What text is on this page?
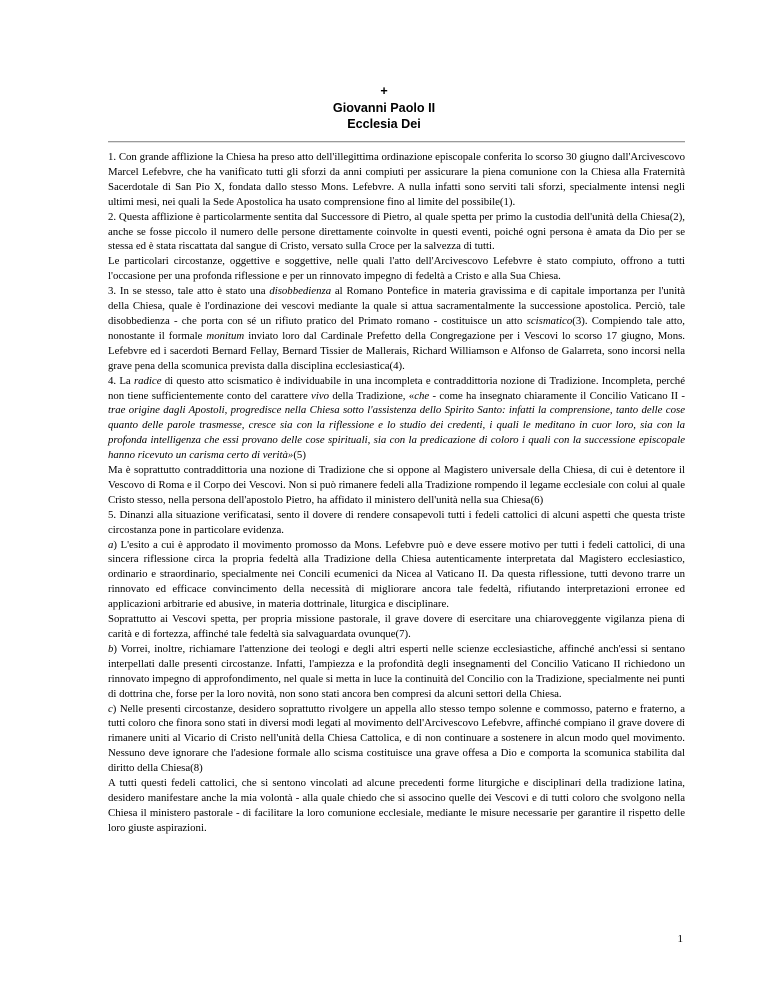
+
Giovanni Paolo II
Ecclesia Dei

1. Con grande afflizione la Chiesa ha preso atto dell'illegittima ordinazione episcopale conferita lo scorso 30 giugno dall'Arcivescovo Marcel Lefebvre, che ha vanificato tutti gli sforzi da anni compiuti per assicurare la piena comunione con la Chiesa alla Fraternità Sacerdotale di San Pio X, fondata dallo stesso Mons. Lefebvre. A nulla infatti sono serviti tali sforzi, specialmente intensi negli ultimi mesi, nei quali la Sede Apostolica ha usato comprensione fino al limite del possibile(1).

2. Questa afflizione è particolarmente sentita dal Successore di Pietro, al quale spetta per primo la custodia dell'unità della Chiesa(2), anche se fosse piccolo il numero delle persone direttamente coinvolte in questi eventi, poiché ogni persona è amata da Dio per se stessa ed è stata riscattata dal sangue di Cristo, versato sulla Croce per la salvezza di tutti.

Le particolari circostanze, oggettive e soggettive, nelle quali l'atto dell'Arcivescovo Lefebvre è stato compiuto, offrono a tutti l'occasione per una profonda riflessione e per un rinnovato impegno di fedeltà a Cristo e alla Sua Chiesa.

3. In se stesso, tale atto è stato una disobbedienza al Romano Pontefice in materia gravissima e di capitale importanza per l'unità della Chiesa, quale è l'ordinazione dei vescovi mediante la quale si attua sacramentalmente la successione apostolica. Perciò, tale disobbedienza - che porta con sé un rifiuto pratico del Primato romano - costituisce un atto scismatico(3). Compiendo tale atto, nonostante il formale monitum inviato loro dal Cardinale Prefetto della Congregazione per i Vescovi lo scorso 17 giugno, Mons. Lefebvre ed i sacerdoti Bernard Fellay, Bernard Tissier de Mallerais, Richard Williamson e Alfonso de Galarreta, sono incorsi nella grave pena della scomunica prevista dalla disciplina ecclesiastica(4).

4. La radice di questo atto scismatico è individuabile in una incompleta e contraddittoria nozione di Tradizione. Incompleta, perché non tiene sufficientemente conto del carattere vivo della Tradizione, «che - come ha insegnato chiaramente il Concilio Vaticano II - trae origine dagli Apostoli, progredisce nella Chiesa sotto l'assistenza dello Spirito Santo: infatti la comprensione, tanto delle cose quanto delle parole trasmesse, cresce sia con la riflessione e lo studio dei credenti, i quali le meditano in cuor loro, sia con la profonda intelligenza che essi provano delle cose spirituali, sia con la predicazione di coloro i quali con la successione episcopale hanno ricevuto un carisma certo di verità»(5)

Ma è soprattutto contraddittoria una nozione di Tradizione che si oppone al Magistero universale della Chiesa, di cui è detentore il Vescovo di Roma e il Corpo dei Vescovi. Non si può rimanere fedeli alla Tradizione rompendo il legame ecclesiale con colui al quale Cristo stesso, nella persona dell'apostolo Pietro, ha affidato il ministero dell'unità nella sua Chiesa(6)

5. Dinanzi alla situazione verificatasi, sento il dovere di rendere consapevoli tutti i fedeli cattolici di alcuni aspetti che questa triste circostanza pone in particolare evidenza.

a) L'esito a cui è approdato il movimento promosso da Mons. Lefebvre può e deve essere motivo per tutti i fedeli cattolici, di una sincera riflessione circa la propria fedeltà alla Tradizione della Chiesa autenticamente interpretata dal Magistero ecclesiastico, ordinario e straordinario, specialmente nei Concili ecumenici da Nicea al Vaticano II. Da questa riflessione, tutti devono trarre un rinnovato ed efficace convincimento della necessità di migliorare ancora tale fedeltà, rifiutando interpretazioni erronee ed applicazioni arbitrarie ed abusive, in materia dottrinale, liturgica e disciplinare.

Soprattutto ai Vescovi spetta, per propria missione pastorale, il grave dovere di esercitare una chiaroveggente vigilanza piena di carità e di fortezza, affinché tale fedeltà sia salvaguardata ovunque(7).

b) Vorrei, inoltre, richiamare l'attenzione dei teologi e degli altri esperti nelle scienze ecclesiastiche, affinché anch'essi si sentano interpellati dalle presenti circostanze. Infatti, l'ampiezza e la profondità degli insegnamenti del Concilio Vaticano II richiedono un rinnovato impegno di approfondimento, nel quale si metta in luce la continuità del Concilio con la Tradizione, specialmente nei punti di dottrina che, forse per la loro novità, non sono stati ancora ben compresi da alcuni settori della Chiesa.

c) Nelle presenti circostanze, desidero soprattutto rivolgere un appella allo stesso tempo solenne e commosso, paterno e fraterno, a tutti coloro che finora sono stati in diversi modi legati al movimento dell'Arcivescovo Lefebvre, affinché compiano il grave dovere di rimanere uniti al Vicario di Cristo nell'unità della Chiesa Cattolica, e di non continuare a sostenere in alcun modo quel movimento. Nessuno deve ignorare che l'adesione formale allo scisma costituisce una grave offesa a Dio e comporta la scomunica stabilita dal diritto della Chiesa(8)

A tutti questi fedeli cattolici, che si sentono vincolati ad alcune precedenti forme liturgiche e disciplinari della tradizione latina, desidero manifestare anche la mia volontà - alla quale chiedo che si associno quelle dei Vescovi e di tutti coloro che svolgono nella Chiesa il ministero pastorale - di facilitare la loro comunione ecclesiale, mediante le misure necessarie per garantire il rispetto delle loro giuste aspirazioni.

1
